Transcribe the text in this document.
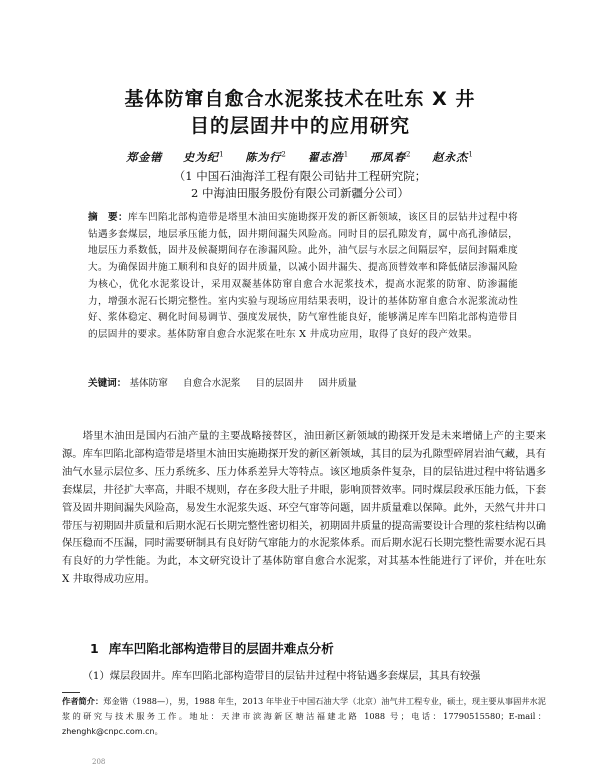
基体防窜自愈合水泥浆技术在吐东 X 井
目的层固井中的应用研究
郑金锴 史为纪$^1$ 陈为行$^2$ 翟志浩$^1$ 邢凤春$^2$ 赵永杰$^1$
（1 中国石油海洋工程有限公司钻井工程研究院；
2 中海油田服务股份有限公司新疆分公司）
摘　要：库车凹陷北部构造带是塔里木油田实施勘探开发的新区新领域，该区目的层钻井过程中将钻遇多套煤层，地层承压能力低，固井期间漏失风险高。同时目的层孔隙发育，属中高孔渗储层，地层压力系数低，固井及候凝期间存在渗漏风险。此外，油气层与水层之间隔层窄，层间封隔难度大。为确保固井施工顺利和良好的固井质量，以减小固井漏失、提高顶替效率和降低储层渗漏风险为核心，优化水泥浆设计，采用双凝基体防窜自愈合水泥浆技术，提高水泥浆的防窜、防渗漏能力，增强水泥石长期完整性。室内实验与现场应用结果表明，设计的基体防窜自愈合水泥浆流动性好、浆体稳定、稠化时间易调节、强度发展快，防气窜性能良好，能够满足库车凹陷北部构造带目的层固井的要求。基体防窜自愈合水泥浆在吐东 X 井成功应用，取得了良好的段产效果。
关键词： 基体防窜 自愈合水泥浆 目的层固井 固井质量
塔里木油田是国内石油产量的主要战略接替区，油田新区新领域的勘探开发是未来增储上产的主要来源。库车凹陷北部构造带是塔里木油田实施勘探开发的新区新领域，其目的层为孔隙型碎屑岩油气藏，具有油气水显示层位多、压力系统多、压力体系差异大等特点。该区地质条件复杂，目的层钻进过程中将钻遇多套煤层，井径扩大率高，井眼不规则，存在多段大肚子井眼，影响顶替效率。同时煤层段承压能力低，下套管及固井期间漏失风险高，易发生水泥浆失返、环空气窜等问题，固井质量难以保障。此外，天然气井井口带压与初期固井质量和后期水泥石长期完整性密切相关，初期固井质量的提高需要设计合理的浆柱结构以确保压稳而不压漏，同时需要研制具有良好防气窜能力的水泥浆体系。而后期水泥石长期完整性需要水泥石具有良好的力学性能。为此，本文研究设计了基体防窜自愈合水泥浆，对其基本性能进行了评价，并在吐东 X 井取得成功应用。
1 库车凹陷北部构造带目的层固井难点分析
（1）煤层段固井。库车凹陷北部构造带目的层钻井过程中将钻遇多套煤层，其具有较强
作者简介：郑金锴（1988—），男，1988 年生，2013 年毕业于中国石油大学（北京）油气井工程专业，硕士，现主要从事固井水泥浆的研究与技术服务工作。地址：天津市滨海新区塘沽福建北路 1088 号；电话：17790515580；E-mail：zhenghk@cnpc.com.cn。
208
